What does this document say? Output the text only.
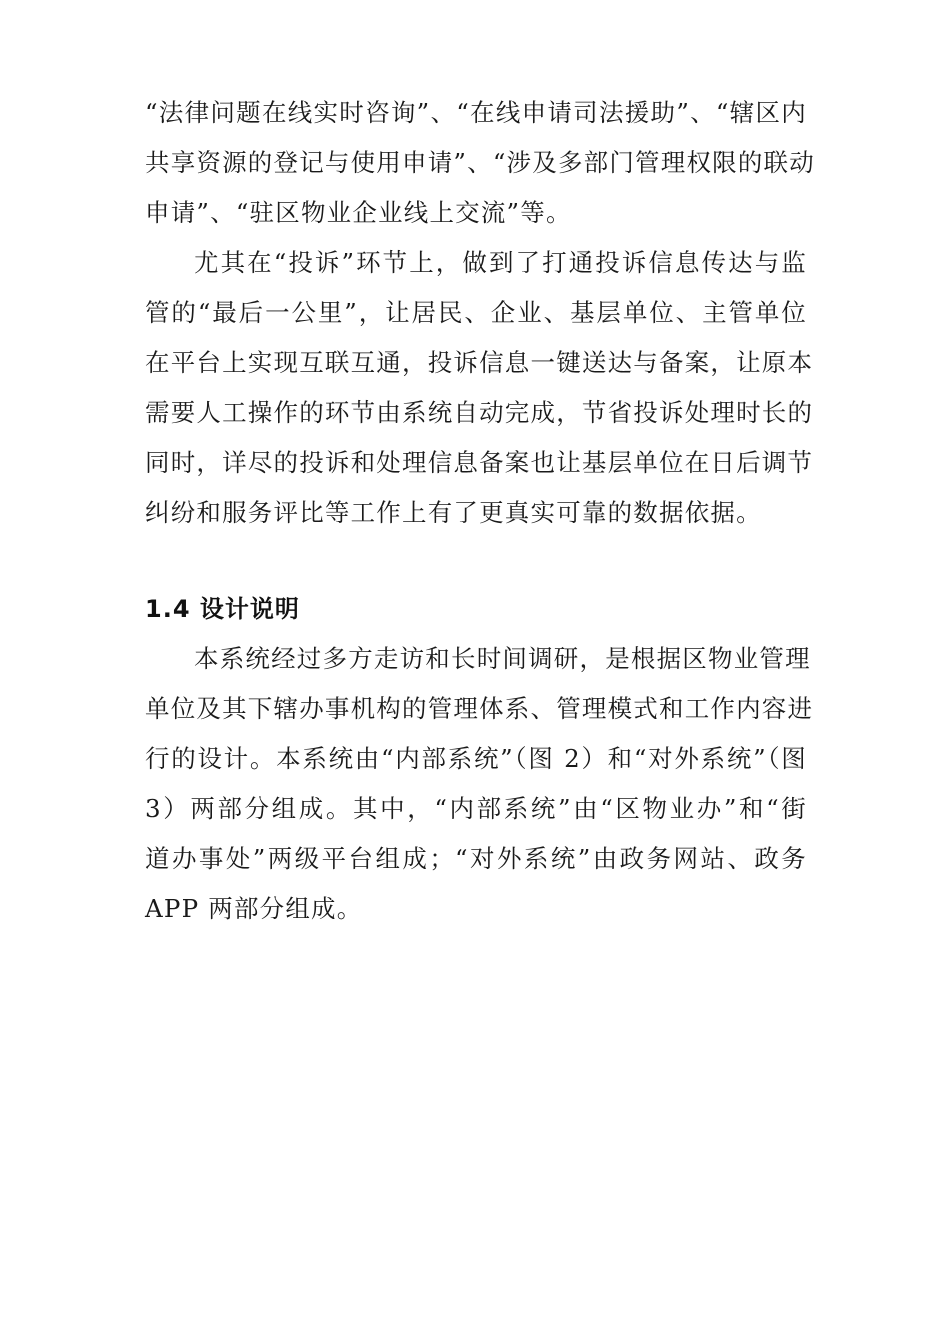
“法律问题在线实时咨询”、“在线申请司法援助”、“辖区内
共享资源的登记与使用申请”、“涉及多部门管理权限的联动
申请”、“驻区物业企业线上交流”等。
尤其在“投诉”环节上，做到了打通投诉信息传达与监
管的“最后一公里”，让居民、企业、基层单位、主管单位
在平台上实现互联互通，投诉信息一键送达与备案，让原本
需要人工操作的环节由系统自动完成，节省投诉处理时长的
同时，详尽的投诉和处理信息备案也让基层单位在日后调节
纠纷和服务评比等工作上有了更真实可靠的数据依据。
1.4 设计说明
本系统经过多方走访和长时间调研，是根据区物业管理
单位及其下辖办事机构的管理体系、管理模式和工作内容进
行的设计。本系统由“内部系统”（图 2）和“对外系统”（图
3）两部分组成。其中，“内部系统”由“区物业办”和“街
道办事处”两级平台组成；“对外系统”由政务网站、政务
APP 两部分组成。
